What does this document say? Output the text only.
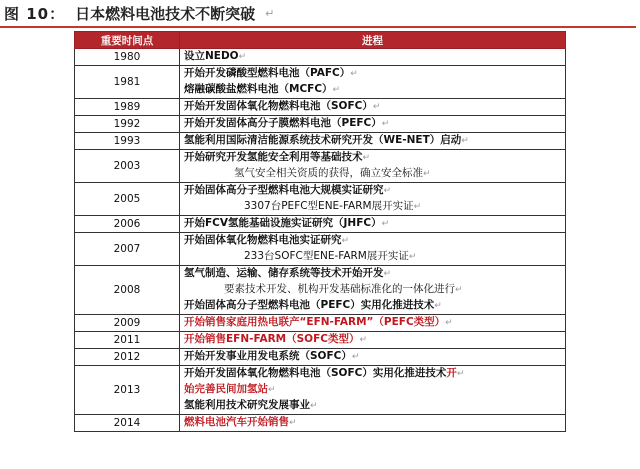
图 10： 日本燃料电池技术不断突破 ↵
重要时间点	进程
1980	设立NEDO↵

1981	开始开发磷酸型燃料电池（PAFC）↵
熔融碳酸盐燃料电池（MCFC）↵

1989	开始开发固体氧化物燃料电池（SOFC）↵

1992	开始开发固体高分子膜燃料电池（PEFC）↵

1993	氢能利用国际清洁能源系统技术研究开发（WE-NET）启动↵

2003	开始研究开发氢能安全利用等基础技术↵
氢气安全相关资质的获得，确立安全标准↵

2005	开始固体高分子型燃料电池大规模实证研究↵
3307台PEFC型ENE-FARM展开实证↵

2006	开始FCV氢能基础设施实证研究（JHFC）↵

2007	开始固体氧化物燃料电池实证研究↵
233台SOFC型ENE-FARM展开实证↵

2008	氢气制造、运输、储存系统等技术开始开发↵
要素技术开发、机构开发基础标准化的一体化进行↵
开始固体高分子型燃料电池（PEFC）实用化推进技术↵

2009	开始销售家庭用热电联产“EFN-FARM”（PEFC类型）↵

2011	开始销售EFN-FARM（SOFC类型）↵

2012	开始开发事业用发电系统（SOFC）↵

2013	开始开发固体氧化物燃料电池（SOFC）实用化推进技术开↵
始完善民间加氢站↵
氢能利用技术研究发展事业↵

2014	燃料电池汽车开始销售↵
